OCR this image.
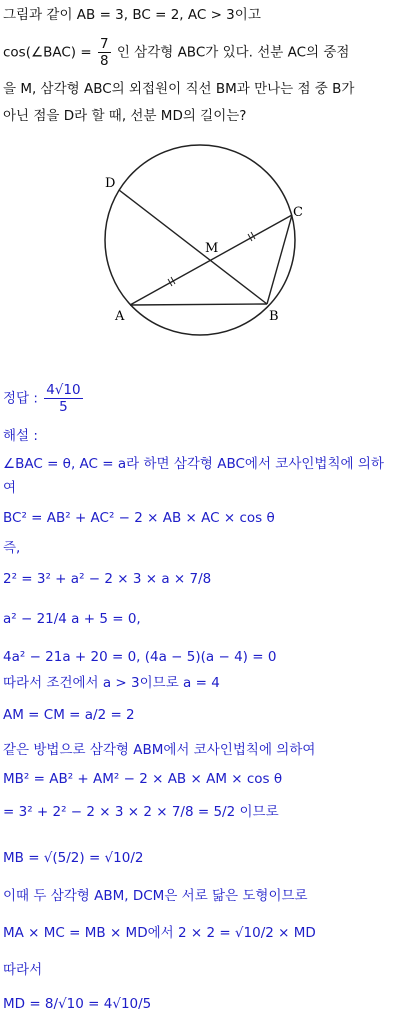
그림과 같이 AB = 3, BC = 2, AC > 3이고
cos(∠BAC) = $\frac{7}{8}$ 인 삼각형 ABC가 있다. 선분 AC의 중점
을 M, 삼각형 ABC의 외접원이 직선 BM과 만나는 점 중 B가
아닌 점을 D라 할 때, 선분 MD의 길이는?
A	B
C
D
M
정답 : $\frac{4√10}{5}$
해설 :
∠BAC = θ, AC = a라 하면 삼각형 ABC에서 코사인법칙에 의하
여
BC² = AB² + AC² − 2 × AB × AC × cos θ
즉,
2² = 3² + a² − 2 × 3 × a × 7/8
a² − 21/4 a + 5 = 0,
4a² − 21a + 20 = 0, (4a − 5)(a − 4) = 0
따라서 조건에서 a > 3이므로 a = 4
AM = CM = a/2 = 2
같은 방법으로 삼각형 ABM에서 코사인법칙에 의하여
MB² = AB² + AM² − 2 × AB × AM × cos θ
= 3² + 2² − 2 × 3 × 2 × 7/8 = 5/2 이므로
MB = √(5/2) = √10/2
이때 두 삼각형 ABM, DCM은 서로 닮은 도형이므로
MA × MC = MB × MD에서 2 × 2 = √10/2 × MD
따라서
MD = 8/√10 = 4√10/5
